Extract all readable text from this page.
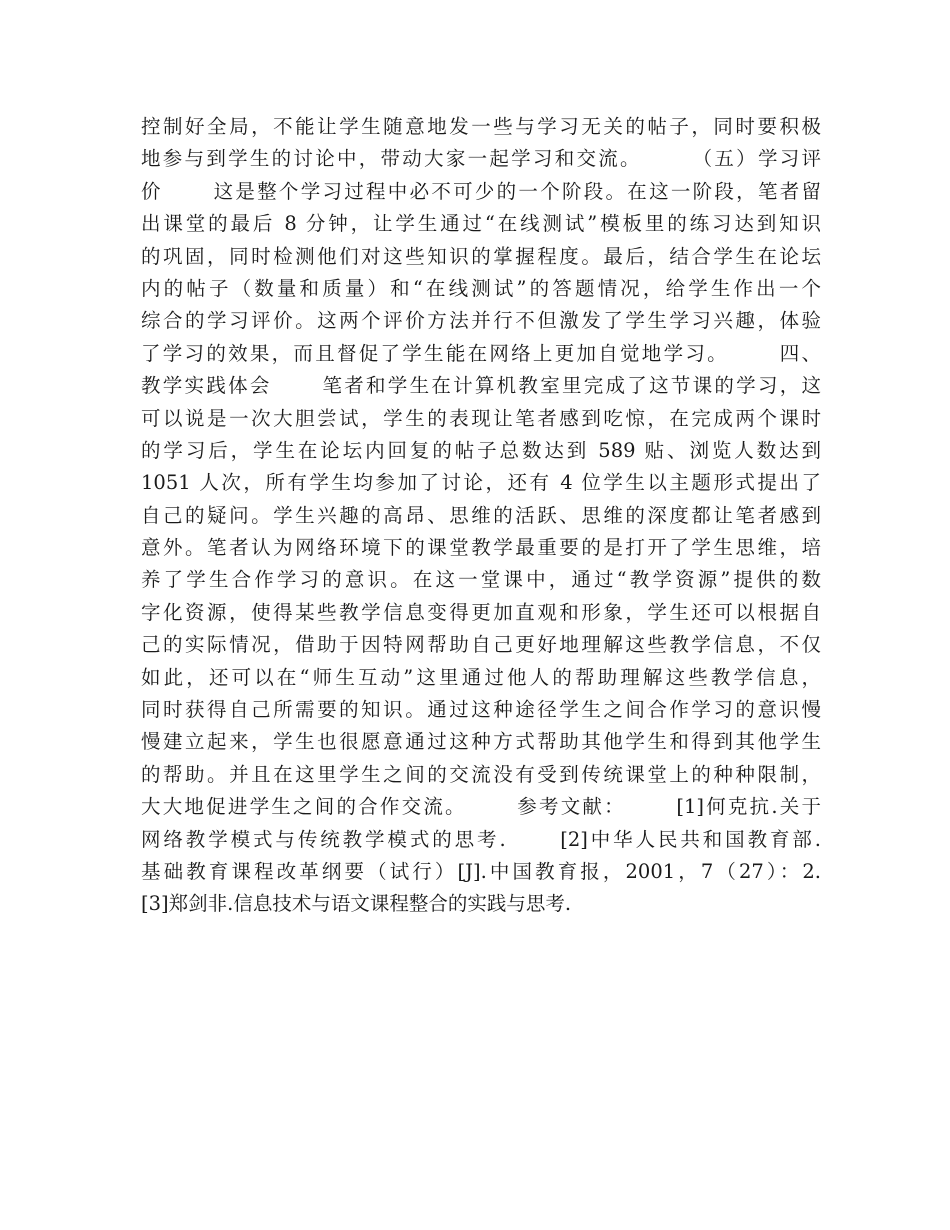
控制好全局，不能让学生随意地发一些与学习无关的帖子，同时要积极
地参与到学生的讨论中，带动大家一起学习和交流。      （五）学习评
价      这是整个学习过程中必不可少的一个阶段。在这一阶段，笔者留
出课堂的最后 8 分钟，让学生通过“在线测试”模板里的练习达到知识
的巩固，同时检测他们对这些知识的掌握程度。最后，结合学生在论坛
内的帖子（数量和质量）和“在线测试”的答题情况，给学生作出一个
综合的学习评价。这两个评价方法并行不但激发了学生学习兴趣，体验
了学习的效果，而且督促了学生能在网络上更加自觉地学习。      四、
教学实践体会      笔者和学生在计算机教室里完成了这节课的学习，这
可以说是一次大胆尝试，学生的表现让笔者感到吃惊，在完成两个课时
的学习后，学生在论坛内回复的帖子总数达到 589 贴、浏览人数达到
1051 人次，所有学生均参加了讨论，还有 4 位学生以主题形式提出了
自己的疑问。学生兴趣的高昂、思维的活跃、思维的深度都让笔者感到
意外。笔者认为网络环境下的课堂教学最重要的是打开了学生思维，培
养了学生合作学习的意识。在这一堂课中，通过“教学资源”提供的数
字化资源，使得某些教学信息变得更加直观和形象，学生还可以根据自
己的实际情况，借助于因特网帮助自己更好地理解这些教学信息，不仅
如此，还可以在“师生互动”这里通过他人的帮助理解这些教学信息，
同时获得自己所需要的知识。通过这种途径学生之间合作学习的意识慢
慢建立起来，学生也很愿意通过这种方式帮助其他学生和得到其他学生
的帮助。并且在这里学生之间的交流没有受到传统课堂上的种种限制，
大大地促进学生之间的合作交流。      参考文献：      [1]何克抗.关于
网络教学模式与传统教学模式的思考.      [2]中华人民共和国教育部.
基础教育课程改革纲要（试行）[J].中国教育报，2001，7（27）：2.
[3]郑剑非.信息技术与语文课程整合的实践与思考.
